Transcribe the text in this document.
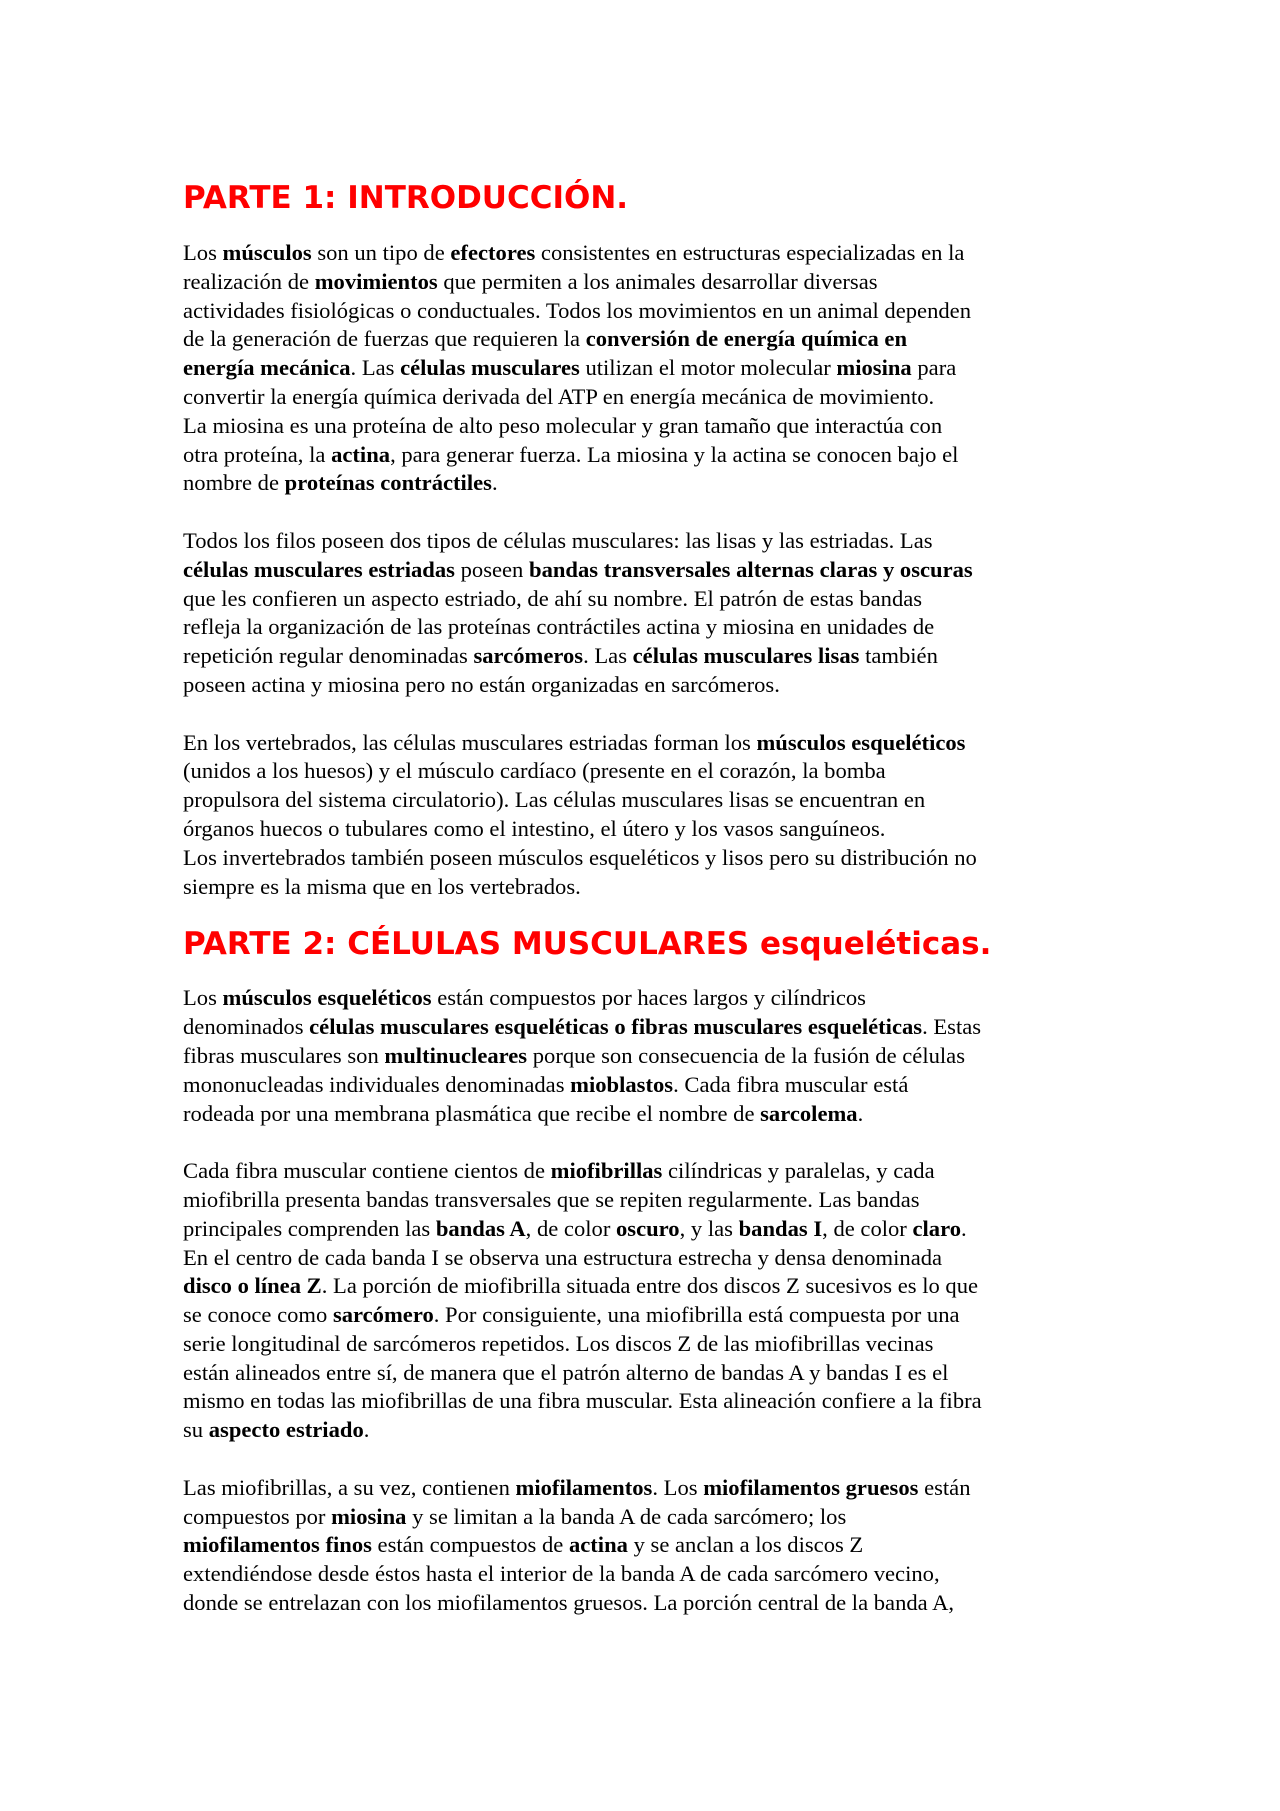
PARTE 1: INTRODUCCIÓN.

Los músculos son un tipo de efectores consistentes en estructuras especializadas en la
realización de movimientos que permiten a los animales desarrollar diversas
actividades fisiológicas o conductuales. Todos los movimientos en un animal dependen
de la generación de fuerzas que requieren la conversión de energía química en
energía mecánica. Las células musculares utilizan el motor molecular miosina para
convertir la energía química derivada del ATP en energía mecánica de movimiento.
La miosina es una proteína de alto peso molecular y gran tamaño que interactúa con
otra proteína, la actina, para generar fuerza. La miosina y la actina se conocen bajo el
nombre de proteínas contráctiles.

Todos los filos poseen dos tipos de células musculares: las lisas y las estriadas. Las
células musculares estriadas poseen bandas transversales alternas claras y oscuras
que les confieren un aspecto estriado, de ahí su nombre. El patrón de estas bandas
refleja la organización de las proteínas contráctiles actina y miosina en unidades de
repetición regular denominadas sarcómeros. Las células musculares lisas también
poseen actina y miosina pero no están organizadas en sarcómeros.

En los vertebrados, las células musculares estriadas forman los músculos esqueléticos
(unidos a los huesos) y el músculo cardíaco (presente en el corazón, la bomba
propulsora del sistema circulatorio). Las células musculares lisas se encuentran en
órganos huecos o tubulares como el intestino, el útero y los vasos sanguíneos.
Los invertebrados también poseen músculos esqueléticos y lisos pero su distribución no
siempre es la misma que en los vertebrados.

PARTE 2: CÉLULAS MUSCULARES esqueléticas.

Los músculos esqueléticos están compuestos por haces largos y cilíndricos
denominados células musculares esqueléticas o fibras musculares esqueléticas. Estas
fibras musculares son multinucleares porque son consecuencia de la fusión de células
mononucleadas individuales denominadas mioblastos. Cada fibra muscular está
rodeada por una membrana plasmática que recibe el nombre de sarcolema.

Cada fibra muscular contiene cientos de miofibrillas cilíndricas y paralelas, y cada
miofibrilla presenta bandas transversales que se repiten regularmente. Las bandas
principales comprenden las bandas A, de color oscuro, y las bandas I, de color claro.
En el centro de cada banda I se observa una estructura estrecha y densa denominada
disco o línea Z. La porción de miofibrilla situada entre dos discos Z sucesivos es lo que
se conoce como sarcómero. Por consiguiente, una miofibrilla está compuesta por una
serie longitudinal de sarcómeros repetidos. Los discos Z de las miofibrillas vecinas
están alineados entre sí, de manera que el patrón alterno de bandas A y bandas I es el
mismo en todas las miofibrillas de una fibra muscular. Esta alineación confiere a la fibra
su aspecto estriado.

Las miofibrillas, a su vez, contienen miofilamentos. Los miofilamentos gruesos están
compuestos por miosina y se limitan a la banda A de cada sarcómero; los
miofilamentos finos están compuestos de actina y se anclan a los discos Z
extendiéndose desde éstos hasta el interior de la banda A de cada sarcómero vecino,
donde se entrelazan con los miofilamentos gruesos. La porción central de la banda A,
